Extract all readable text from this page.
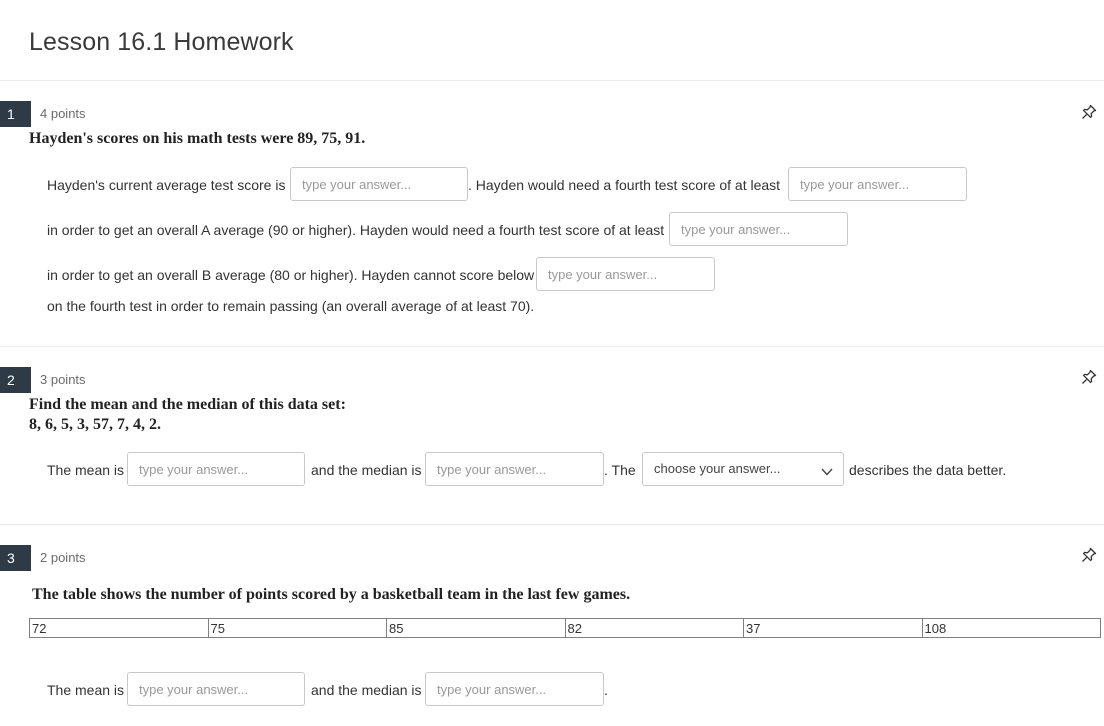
Lesson 16.1 Homework
1	4 points
Hayden's scores on his math tests were 89, 75, 91.
Hayden's current average test score is
type your answer...	. Hayden would need a fourth test score of at least
type your answer...
in order to get an overall A average (90 or higher). Hayden would need a fourth test score of at least
type your answer...
in order to get an overall B average (80 or higher). Hayden cannot score below
type your answer...
on the fourth test in order to remain passing (an overall average of at least 70).
2	3 points
Find the mean and the median of this data set:
8, 6, 5, 3, 57, 7, 4, 2.
The mean is
type your answer...	and the median is
type your answer...	. The choose your answer...	describes the data better.
3	2 points
The table shows the number of points scored by a basketball team in the last few games.
72	75	85	82	37	108
The mean is
type your answer...	and the median is
type your answer...	.
